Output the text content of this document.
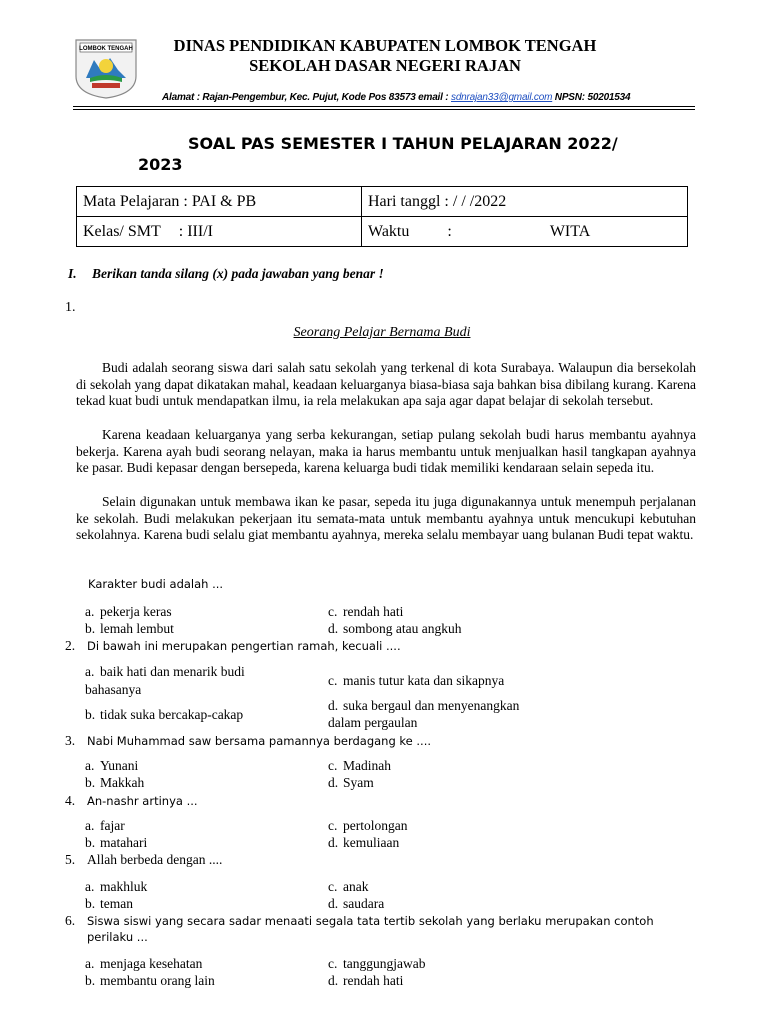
LOMBOK TENGAH	DINAS PENDIDIKAN KABUPATEN LOMBOK TENGAH
SEKOLAH DASAR NEGERI RAJAN
Alamat : Rajan-Pengembur, Kec. Pujut, Kode Pos 83573 email : sdnrajan33@gmail.com NPSN: 50201534
SOAL PAS SEMESTER I TAHUN PELAJARAN 2022/
2023
Mata Pelajaran : PAI & PB	Hari tanggl : / / /2022
Kelas/ SMT : III/I	Waktu : WITA
I. Berikan tanda silang (x) pada jawaban yang benar !
1.
Seorang Pelajar Bernama Budi
Budi adalah seorang siswa dari salah satu sekolah yang terkenal di kota Surabaya. Walaupun dia bersekolah di sekolah yang dapat dikatakan mahal, keadaan keluarganya biasa-biasa saja bahkan bisa dibilang kurang. Karena tekad kuat budi untuk mendapatkan ilmu, ia rela melakukan apa saja agar dapat belajar di sekolah tersebut.
Karena keadaan keluarganya yang serba kekurangan, setiap pulang sekolah budi harus membantu ayahnya bekerja. Karena ayah budi seorang nelayan, maka ia harus membantu untuk menjualkan hasil tangkapan ayahnya ke pasar. Budi kepasar dengan bersepeda, karena keluarga budi tidak memiliki kendaraan selain sepeda itu.
Selain digunakan untuk membawa ikan ke pasar, sepeda itu juga digunakannya untuk menempuh perjalanan ke sekolah. Budi melakukan pekerjaan itu semata-mata untuk membantu ayahnya untuk mencukupi kebutuhan sekolahnya. Karena budi selalu giat membantu ayahnya, mereka selalu membayar uang bulanan Budi tepat waktu.
Karakter budi adalah ...
a. pekerja keras
b. lemah lembut
c. rendah hati
d. sombong atau angkuh
2. Di bawah ini merupakan pengertian ramah, kecuali ....
a. baik hati dan menarik budi
bahasanya
b. tidak suka bercakap-cakap
c. manis tutur kata dan sikapnya
d. suka bergaul dan menyenangkan
dalam pergaulan
3. Nabi Muhammad saw bersama pamannya berdagang ke ....
a. Yunani
b. Makkah
c. Madinah
d. Syam
4. An-nashr artinya ...
a. fajar
b. matahari
c. pertolongan
d. kemuliaan
5. Allah berbeda dengan ....
a. makhluk
b. teman
c. anak
d. saudara
6. Siswa siswi yang secara sadar menaati segala tata tertib sekolah yang berlaku merupakan contoh
perilaku ...
a. menjaga kesehatan
b. membantu orang lain
c. tanggungjawab
d. rendah hati
